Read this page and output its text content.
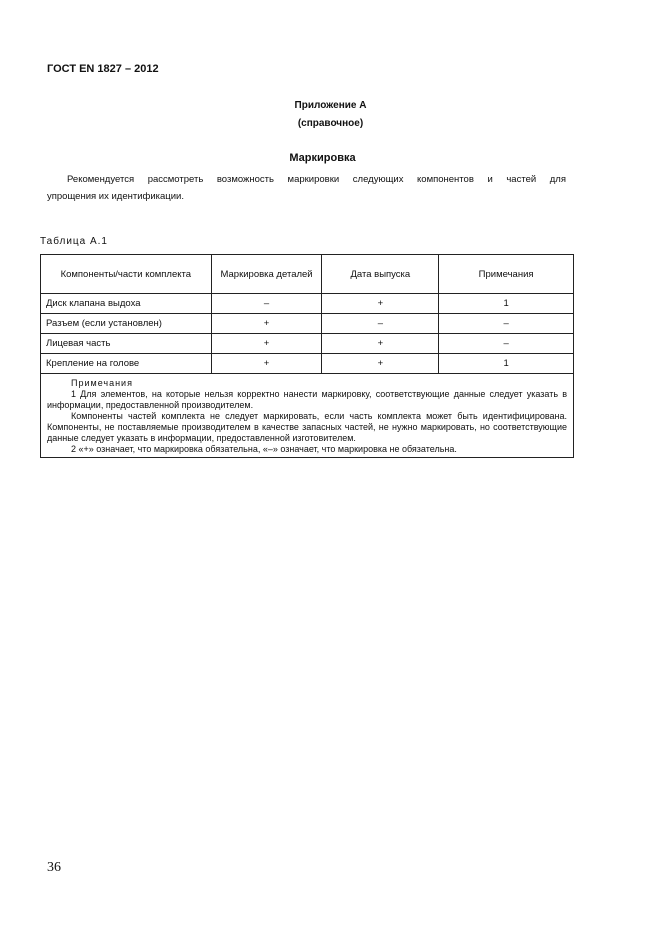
ГОСТ EN 1827 – 2012
Приложение А
(справочное)
Маркировка
Рекомендуется рассмотреть возможность маркировки следующих компонентов и частей для
упрощения их идентификации.
Таблица А.1
Компоненты/части комплекта	Маркировка деталей	Дата выпуска	Примечания
Диск клапана выдоха	–	+	1
Разъем (если установлен)	+	–	–
Лицевая часть	+	+	–
Крепление на голове	+	+	1

Примечания
1 Для элементов, на которые нельзя корректно нанести маркировку, соответствующие данные следует указать в информации, предоставленной производителем.
Компоненты частей комплекта не следует маркировать, если часть комплекта может быть идентифицирована. Компоненты, не поставляемые производителем в качестве запасных частей, не нужно маркировать, но соответствующие данные следует указать в информации, предоставленной изготовителем.
2 «+» означает, что маркировка обязательна, «–» означает, что маркировка не обязательна.			
36
